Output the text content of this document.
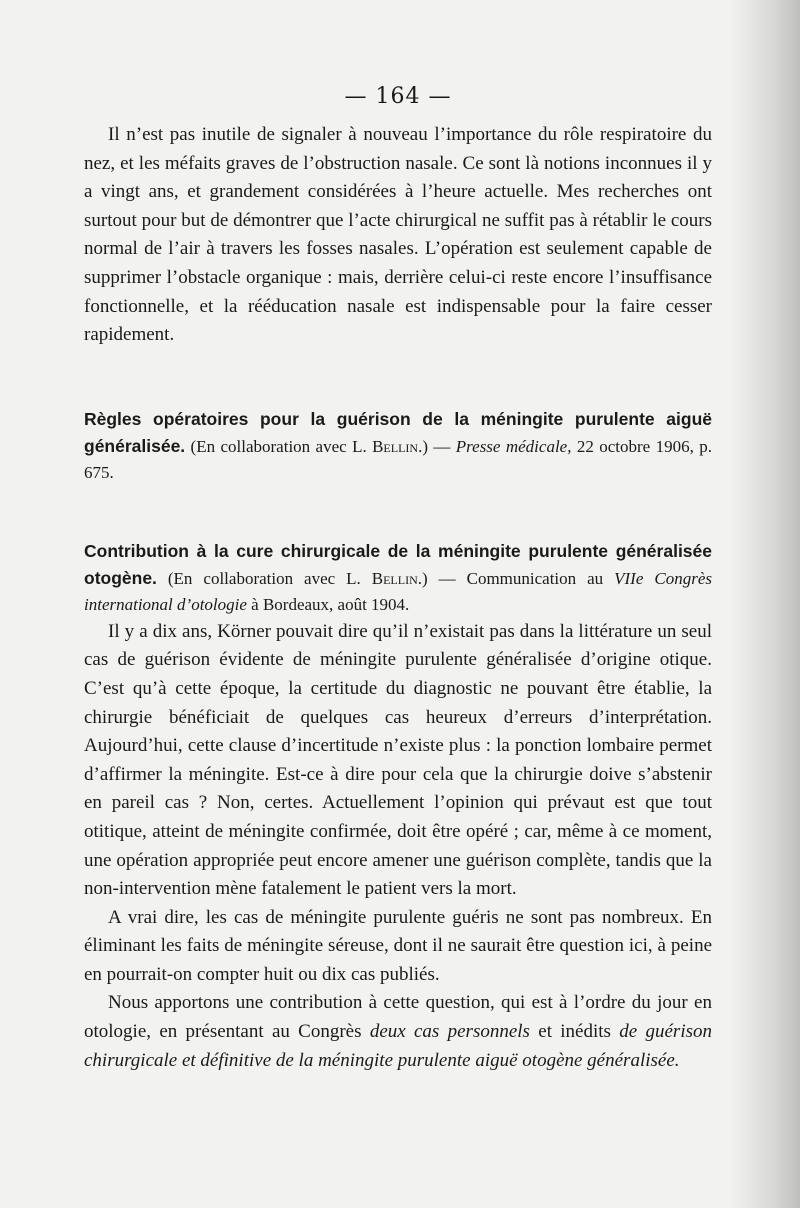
— 164 —

Il n’est pas inutile de signaler à nouveau l’importance du rôle respiratoire du nez, et les méfaits graves de l’obstruction nasale. Ce sont là notions inconnues il y a vingt ans, et grandement considérées à l’heure actuelle. Mes recherches ont surtout pour but de démontrer que l’acte chirurgical ne suffit pas à rétablir le cours normal de l’air à travers les fosses nasales. L’opération est seulement capable de supprimer l’obstacle organique : mais, derrière celui-ci reste encore l’insuffisance fonctionnelle, et la rééducation nasale est indispensable pour la faire cesser rapidement.

Règles opératoires pour la guérison de la méningite purulente aiguë généralisée. (En collaboration avec L. Bellin.) — Presse médicale, 22 octobre 1906, p. 675.

Contribution à la cure chirurgicale de la méningite purulente généralisée otogène. (En collaboration avec L. Bellin.) — Communication au VIIe Congrès international d’otologie à Bordeaux, août 1904.

Il y a dix ans, Körner pouvait dire qu’il n’existait pas dans la littérature un seul cas de guérison évidente de méningite purulente généralisée d’origine otique. C’est qu’à cette époque, la certitude du diagnostic ne pouvant être établie, la chirurgie bénéficiait de quelques cas heureux d’erreurs d’interprétation. Aujourd’hui, cette clause d’incertitude n’existe plus : la ponction lombaire permet d’affirmer la méningite. Est-ce à dire pour cela que la chirurgie doive s’abstenir en pareil cas ? Non, certes. Actuellement l’opinion qui prévaut est que tout otitique, atteint de méningite confirmée, doit être opéré ; car, même à ce moment, une opération appropriée peut encore amener une guérison complète, tandis que la non-intervention mène fatalement le patient vers la mort.

A vrai dire, les cas de méningite purulente guéris ne sont pas nombreux. En éliminant les faits de méningite séreuse, dont il ne saurait être question ici, à peine en pourrait-on compter huit ou dix cas publiés.

Nous apportons une contribution à cette question, qui est à l’ordre du jour en otologie, en présentant au Congrès deux cas personnels et inédits de guérison chirurgicale et définitive de la méningite purulente aiguë otogène généralisée.
